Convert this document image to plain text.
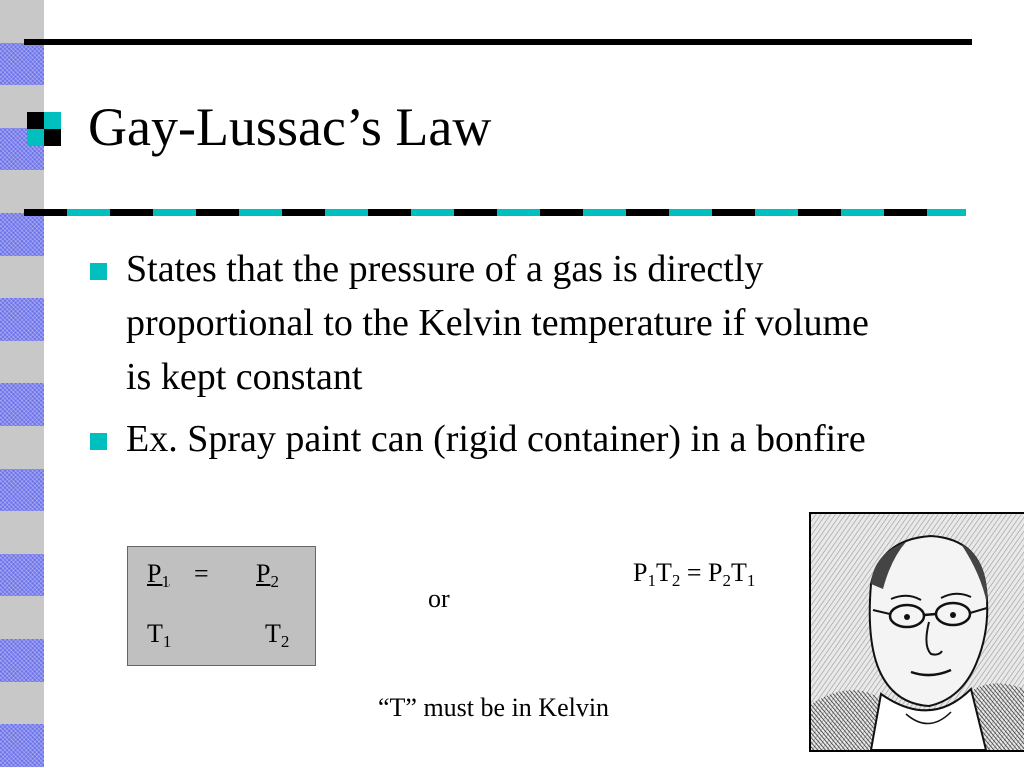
Gay-Lussac’s Law
States that the pressure of a gas is directly proportional to the Kelvin temperature if volume is kept constant
Ex. Spray paint can (rigid container) in a bonfire
$P_1 = P_2$
$T_1$	$T_2$
or
$P_1T_2 = P_2T_1$
“T” must be in Kelvin
